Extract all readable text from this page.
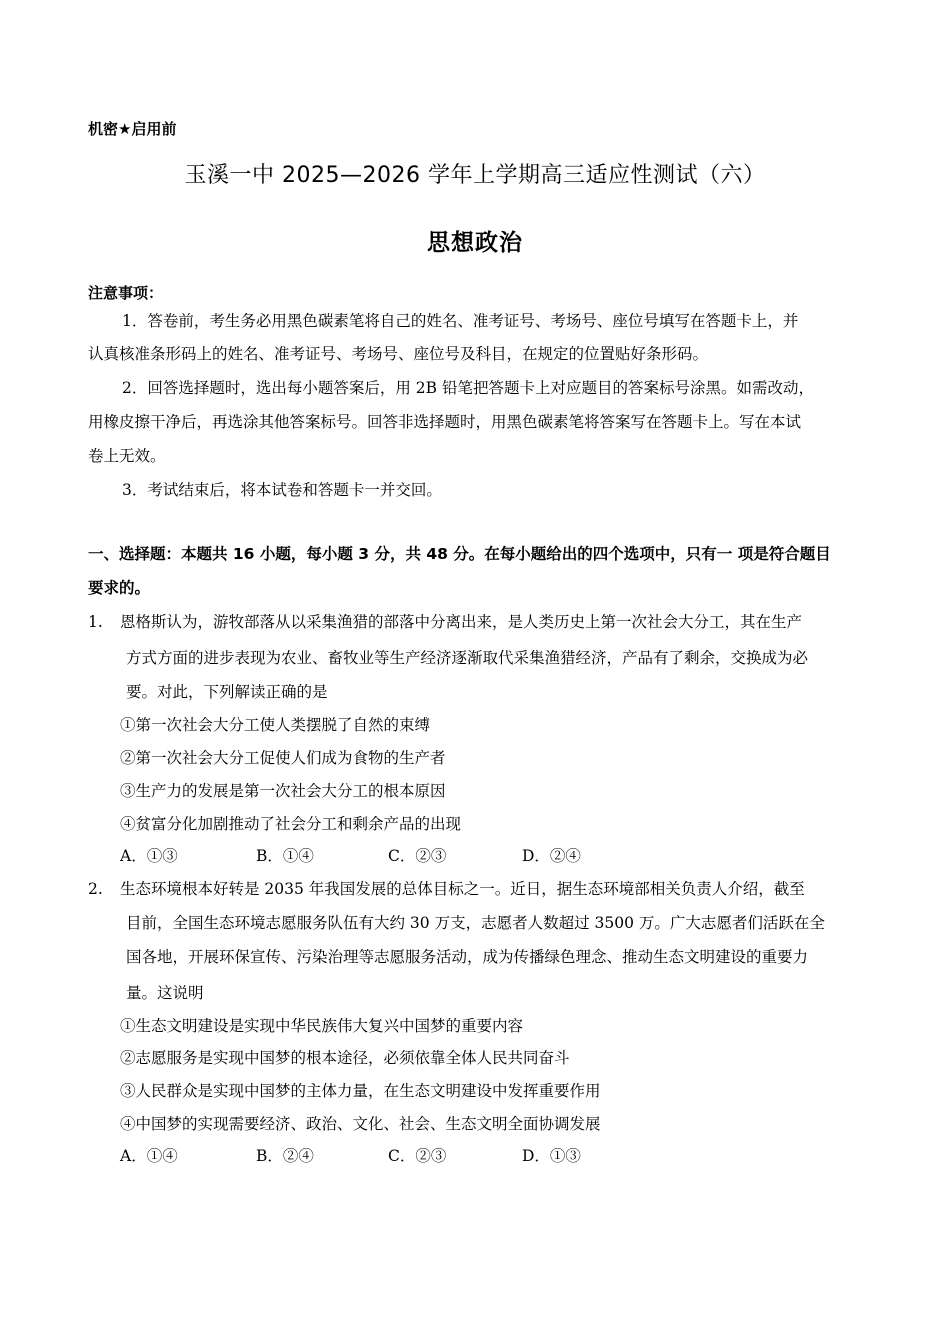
机密★启用前
玉溪一中 2025—2026 学年上学期高三适应性测试（六）
思想政治
注意事项：
1．答卷前，考生务必用黑色碳素笔将自己的姓名、准考证号、考场号、座位号填写在答题卡上，并
认真核准条形码上的姓名、准考证号、考场号、座位号及科目，在规定的位置贴好条形码。
2．回答选择题时，选出每小题答案后，用 2B 铅笔把答题卡上对应题目的答案标号涂黑。如需改动，
用橡皮擦干净后，再选涂其他答案标号。回答非选择题时，用黑色碳素笔将答案写在答题卡上。写在本试
卷上无效。
3．考试结束后，将本试卷和答题卡一并交回。
一、选择题：本题共 16 小题，每小题 3 分，共 48 分。在每小题给出的四个选项中，只有一 项是符合题目
要求的。
1. 恩格斯认为，游牧部落从以采集渔猎的部落中分离出来，是人类历史上第一次社会大分工，其在生产
方式方面的进步表现为农业、畜牧业等生产经济逐渐取代采集渔猎经济，产品有了剩余，交换成为必
要。对此，下列解读正确的是
①第一次社会大分工使人类摆脱了自然的束缚
②第一次社会大分工促使人们成为食物的生产者
③生产力的发展是第一次社会大分工的根本原因
④贫富分化加剧推动了社会分工和剩余产品的出现
A．①③	B．①④	C．②③	D．②④
2. 生态环境根本好转是 2035 年我国发展的总体目标之一。近日，据生态环境部相关负责人介绍，截至
目前，全国生态环境志愿服务队伍有大约 30 万支，志愿者人数超过 3500 万。广大志愿者们活跃在全
国各地，开展环保宣传、污染治理等志愿服务活动，成为传播绿色理念、推动生态文明建设的重要力
量。这说明
①生态文明建设是实现中华民族伟大复兴中国梦的重要内容
②志愿服务是实现中国梦的根本途径，必须依靠全体人民共同奋斗
③人民群众是实现中国梦的主体力量，在生态文明建设中发挥重要作用
④中国梦的实现需要经济、政治、文化、社会、生态文明全面协调发展
A．①④	B．②④	C．②③	D．①③
